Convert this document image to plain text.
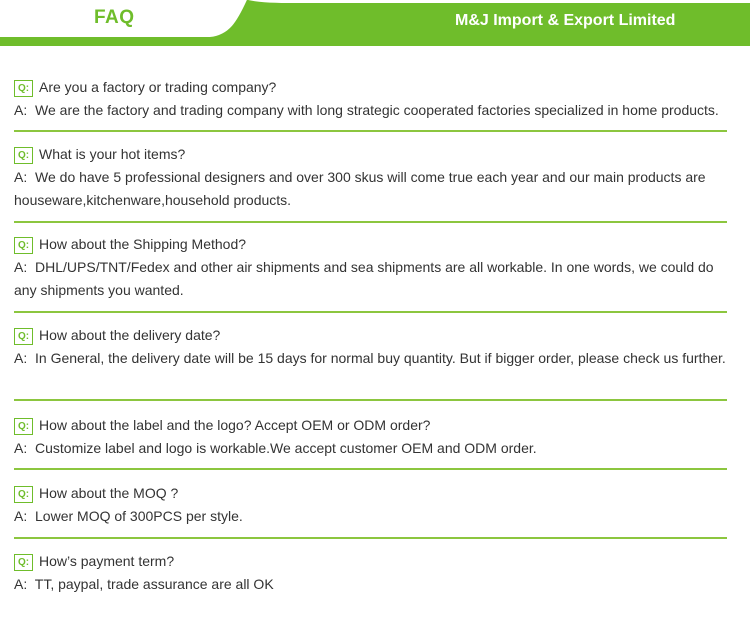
FAQ	M&J Import & Export Limited
Q: Are you a factory or trading company?
A: We are the factory and trading company with long strategic cooperated factories specialized in home products.
Q: What is your hot items?
A: We do have 5 professional designers and over 300 skus will come true each year and our main products are houseware,kitchenware,household products.
Q: How about the Shipping Method?
A: DHL/UPS/TNT/Fedex and other air shipments and sea shipments are all workable. In one words, we could do any shipments you wanted.
Q: How about the delivery date?
A: In General, the delivery date will be 15 days for normal buy quantity. But if bigger order, please check us further.
Q: How about the label and the logo? Accept OEM or ODM order?
A: Customize label and logo is workable.We accept customer OEM and ODM order.
Q: How about the MOQ ?
A: Lower MOQ of 300PCS per style.
Q: How’s payment term?
A: TT, paypal, trade assurance are all OK
